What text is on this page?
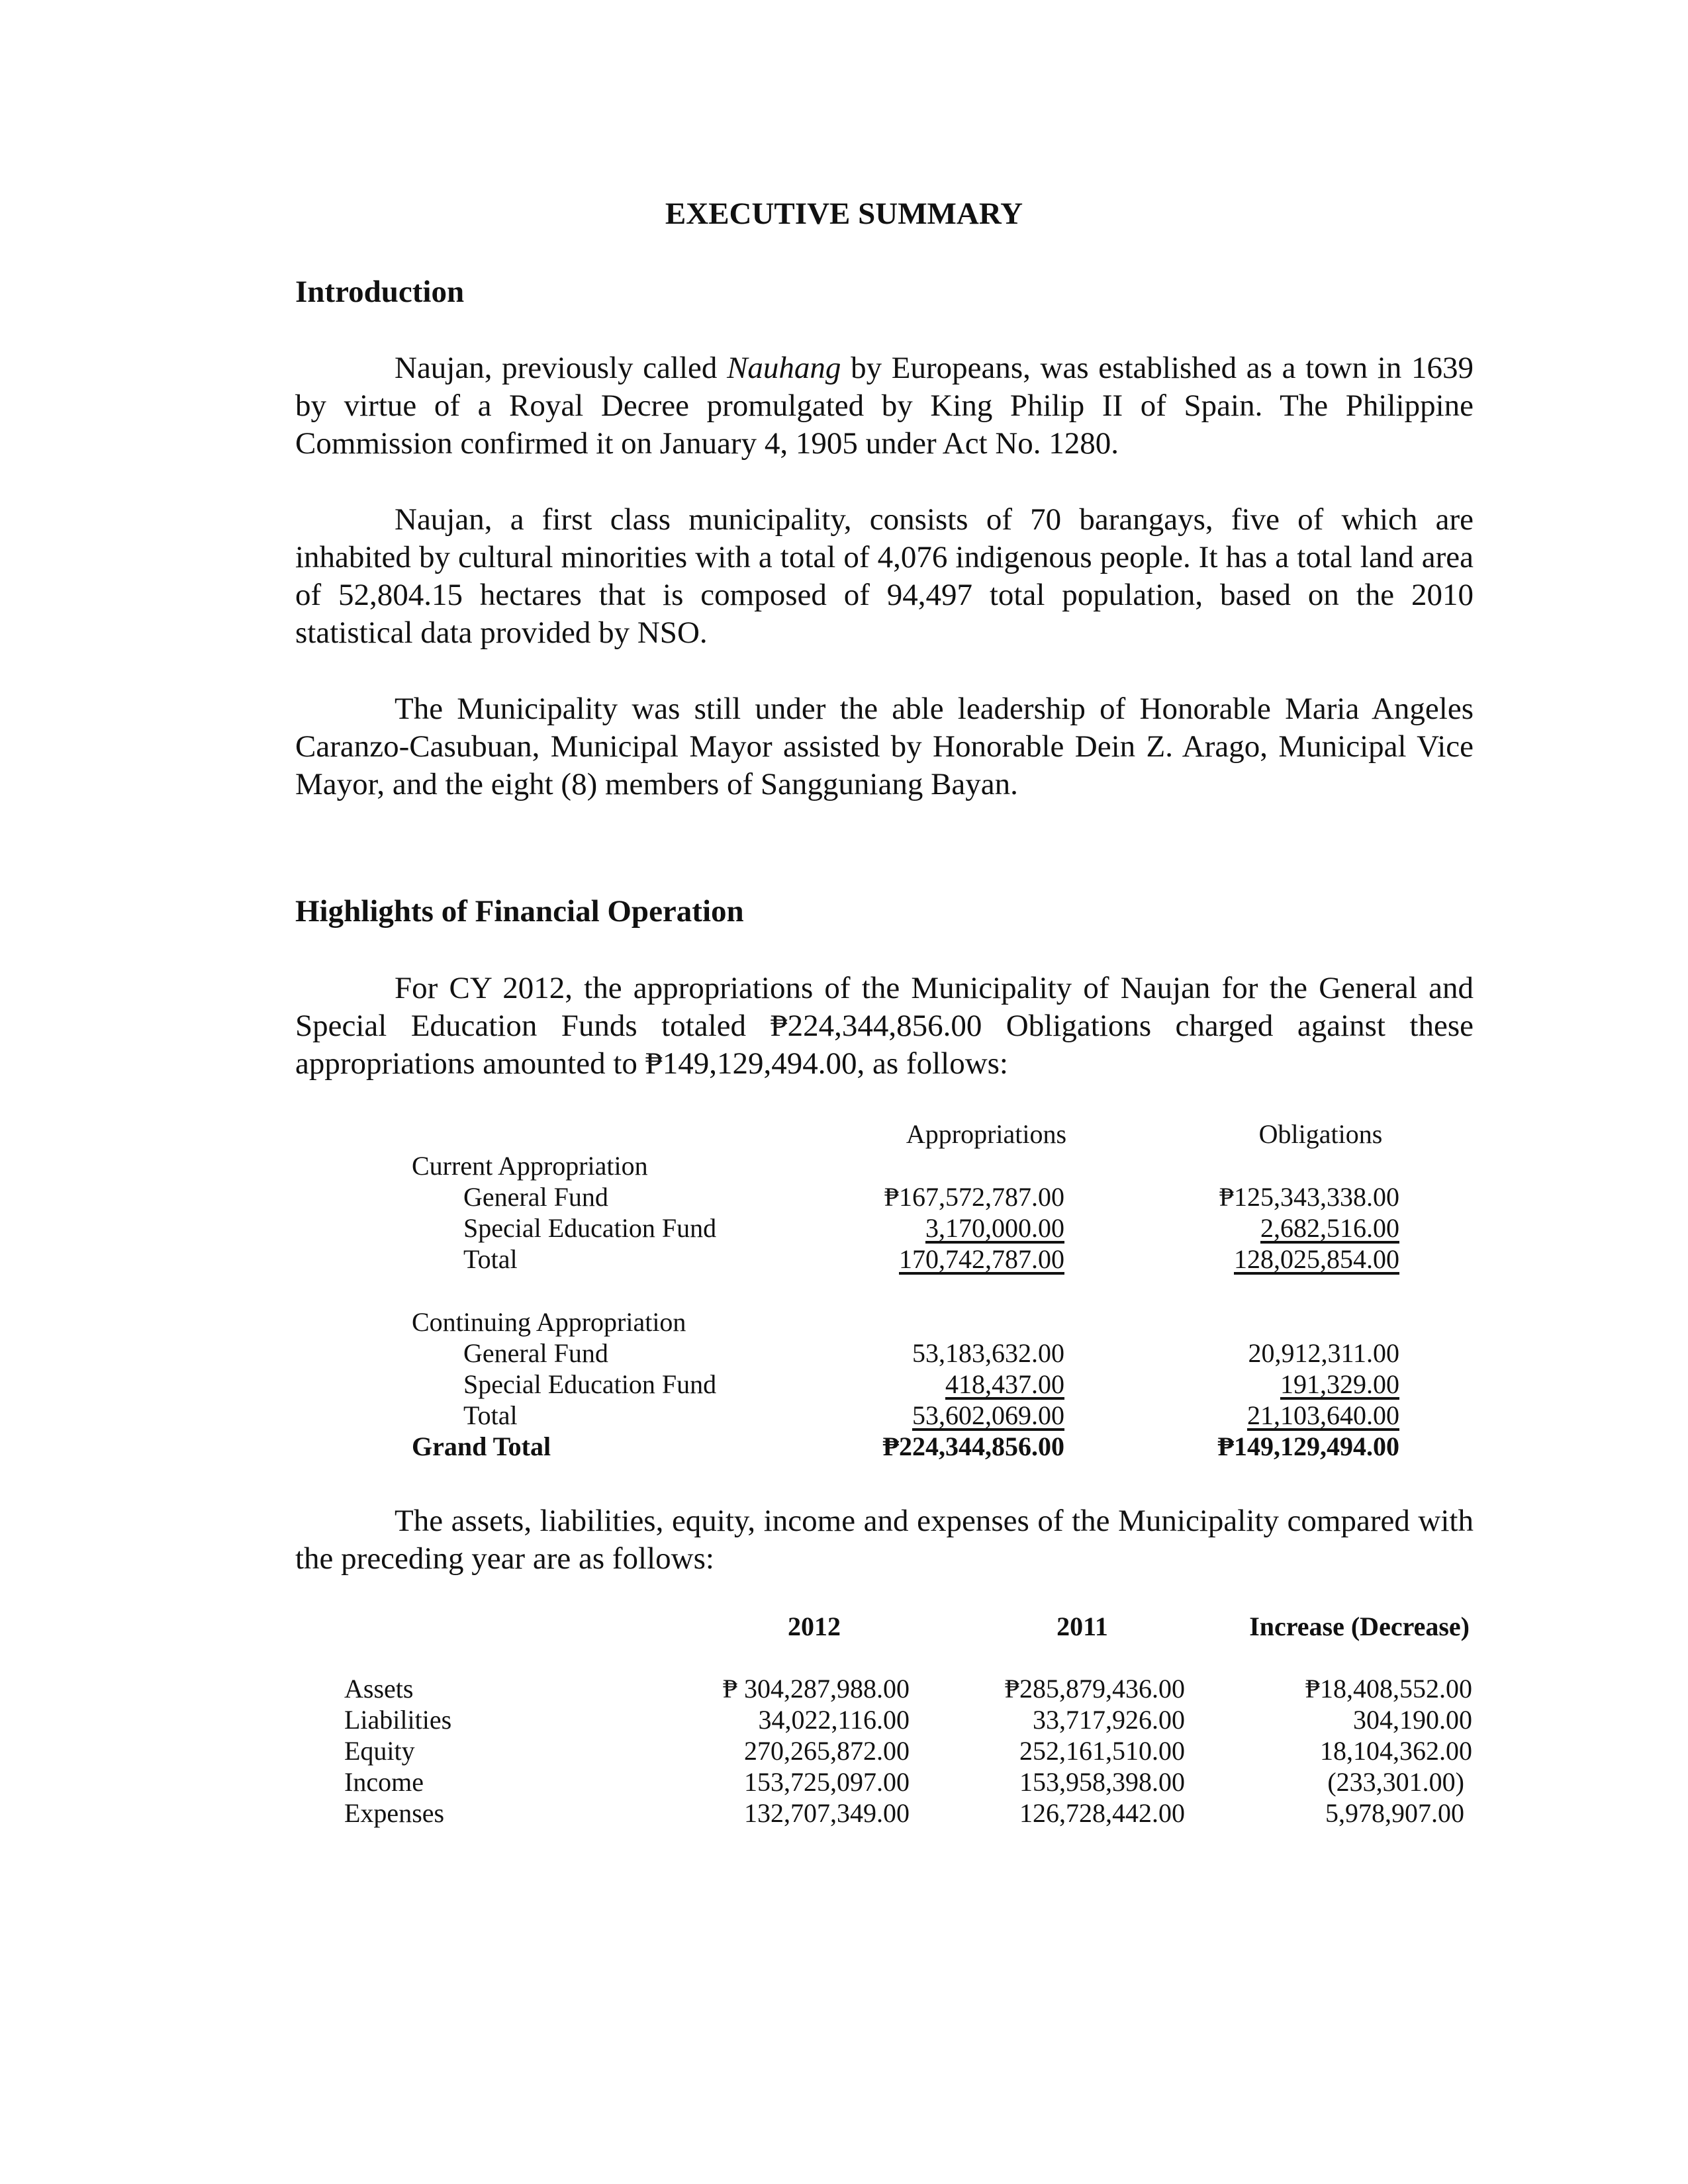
EXECUTIVE SUMMARY
Introduction

Naujan, previously called Nauhang by Europeans, was established as a town in 1639 by virtue of a Royal Decree promulgated by King Philip II of Spain. The Philippine Commission confirmed it on January 4, 1905 under Act No. 1280.

Naujan, a first class municipality, consists of 70 barangays, five of which are inhabited by cultural minorities with a total of 4,076 indigenous people. It has a total land area of 52,804.15 hectares that is composed of 94,497 total population, based on the 2010 statistical data provided by NSO.

The Municipality was still under the able leadership of Honorable Maria Angeles Caranzo-Casubuan, Municipal Mayor assisted by Honorable Dein Z. Arago, Municipal Vice Mayor, and the eight (8) members of Sangguniang Bayan.

Highlights of Financial Operation

For CY 2012, the appropriations of the Municipality of Naujan for the General and Special Education Funds totaled ₱224,344,856.00 Obligations charged against these appropriations amounted to ₱149,129,494.00, as follows:

Appropriations	Obligations
Current Appropriation
General Fund	₱167,572,787.00	₱125,343,338.00
Special Education Fund	3,170,000.00	2,682,516.00
Total	170,742,787.00	128,025,854.00
Continuing Appropriation
General Fund	53,183,632.00	20,912,311.00
Special Education Fund	418,437.00	191,329.00
Total	53,602,069.00	21,103,640.00
Grand Total	₱224,344,856.00	₱149,129,494.00

The assets, liabilities, equity, income and expenses of the Municipality compared with the preceding year are as follows:

2012	2011	Increase (Decrease)
Assets	₱ 304,287,988.00	₱285,879,436.00	₱18,408,552.00
Liabilities	34,022,116.00	33,717,926.00	304,190.00
Equity	270,265,872.00	252,161,510.00	18,104,362.00
Income	153,725,097.00	153,958,398.00	(233,301.00)
Expenses	132,707,349.00	126,728,442.00	5,978,907.00
